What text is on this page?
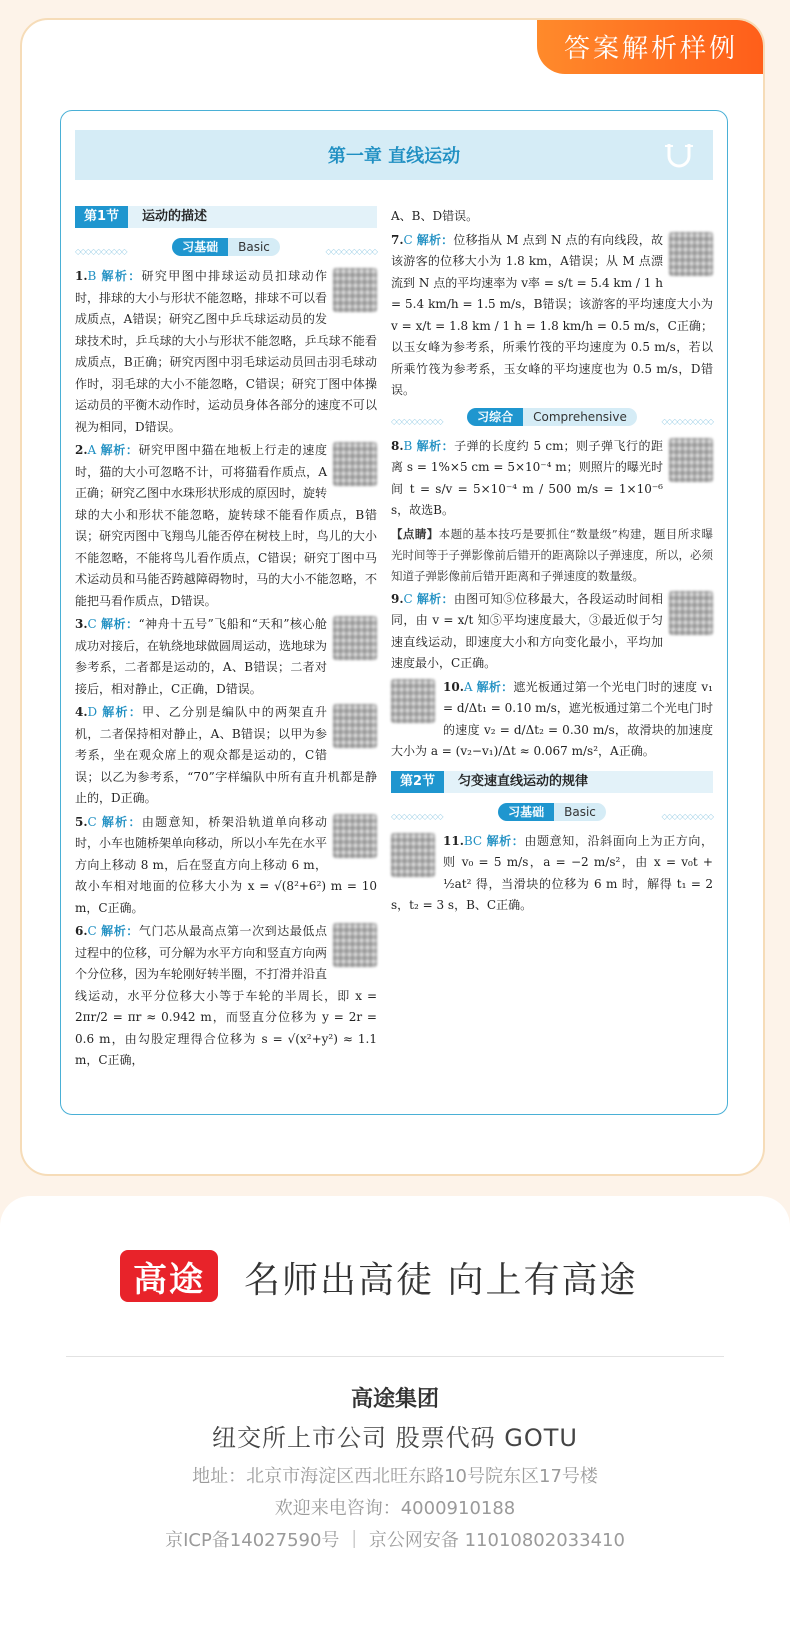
答案解析样例
第一章 直线运动
第1节	运动的描述
◇◇◇◇◇◇◇◇◇◇ 习基础	Basic
◇◇◇◇◇◇◇◇◇◇
1.B 解析：研究甲图中排球运动员扣球动作时，排球的大小与形状不能忽略，排球不可以看成质点，A错误；研究乙图中乒乓球运动员的发球技术时，乒乓球的大小与形状不能忽略，乒乓球不能看成质点，B正确；研究丙图中羽毛球运动员回击羽毛球动作时，羽毛球的大小不能忽略，C错误；研究丁图中体操运动员的平衡木动作时，运动员身体各部分的速度不可以视为相同，D错误。
2.A 解析：研究甲图中猫在地板上行走的速度时，猫的大小可忽略不计，可将猫看作质点，A正确；研究乙图中水珠形状形成的原因时，旋转球的大小和形状不能忽略，旋转球不能看作质点，B错误；研究丙图中飞翔鸟儿能否停在树枝上时，鸟儿的大小不能忽略，不能将鸟儿看作质点，C错误；研究丁图中马术运动员和马能否跨越障碍物时，马的大小不能忽略，不能把马看作质点，D错误。
3.C 解析：“神舟十五号”飞船和“天和”核心舱成功对接后，在轨绕地球做圆周运动，选地球为参考系，二者都是运动的，A、B错误；二者对接后，相对静止，C正确，D错误。
4.D 解析：甲、乙分别是编队中的两架直升机，二者保持相对静止，A、B错误；以甲为参考系，坐在观众席上的观众都是运动的，C错误；以乙为参考系，“70”字样编队中所有直升机都是静止的，D正确。
5.C 解析：由题意知，桥架沿轨道单向移动时，小车也随桥架单向移动，所以小车先在水平方向上移动 8 m，后在竖直方向上移动 6 m，故小车相对地面的位移大小为 x = √(8²+6²) m = 10 m，C正确。
6.C 解析：气门芯从最高点第一次到达最低点过程中的位移，可分解为水平方向和竖直方向两个分位移，因为车轮刚好转半圈，不打滑并沿直线运动，水平分位移大小等于车轮的半周长，即 x = 2πr/2 = πr ≈ 0.942 m，而竖直分位移为 y = 2r = 0.6 m，由勾股定理得合位移为 s = √(x²+y²) ≈ 1.1 m，C正确，
A、B、D错误。
7.C 解析：位移指从 M 点到 N 点的有向线段，故该游客的位移大小为 1.8 km，A错误；从 M 点漂流到 N 点的平均速率为 v率 = s/t = 5.4 km / 1 h = 5.4 km/h = 1.5 m/s，B错误；该游客的平均速度大小为 v = x/t = 1.8 km / 1 h = 1.8 km/h = 0.5 m/s，C正确；以玉女峰为参考系，所乘竹筏的平均速度为 0.5 m/s，若以所乘竹筏为参考系，玉女峰的平均速度也为 0.5 m/s，D错误。
◇◇◇◇◇◇◇◇◇◇ 习综合	Comprehensive
◇◇◇◇◇◇◇◇◇◇
8.B 解析：子弹的长度约 5 cm；则子弹飞行的距离 s = 1%×5 cm = 5×10⁻⁴ m；则照片的曝光时间 t = s/v = 5×10⁻⁴ m / 500 m/s = 1×10⁻⁶ s，故选B。
【点睛】本题的基本技巧是要抓住“数量级”构建，题目所求曝光时间等于子弹影像前后错开的距离除以子弹速度，所以，必须知道子弹影像前后错开距离和子弹速度的数量级。
9.C 解析：由图可知⑤位移最大，各段运动时间相同，由 v = x/t 知⑤平均速度最大，③最近似于匀速直线运动，即速度大小和方向变化最小，平均加速度最小，C正确。
10.A 解析：遮光板通过第一个光电门时的速度 v₁ = d/Δt₁ = 0.10 m/s，遮光板通过第二个光电门时的速度 v₂ = d/Δt₂ = 0.30 m/s，故滑块的加速度大小为 a = (v₂−v₁)/Δt ≈ 0.067 m/s²，A正确。
第2节	匀变速直线运动的规律
◇◇◇◇◇◇◇◇◇◇ 习基础	Basic
◇◇◇◇◇◇◇◇◇◇
11.BC 解析：由题意知，沿斜面向上为正方向，则 v₀ = 5 m/s，a = −2 m/s²，由 x = v₀t + ½at² 得，当滑块的位移为 6 m 时，解得 t₁ = 2 s，t₂ = 3 s，B、C正确。
高途	名师出高徒 向上有高途
高途集团
纽交所上市公司 股票代码 GOTU
地址：北京市海淀区西北旺东路10号院东区17号楼
欢迎来电咨询：4000910188
京ICP备14027590号 ｜ 京公网安备 11010802033410
